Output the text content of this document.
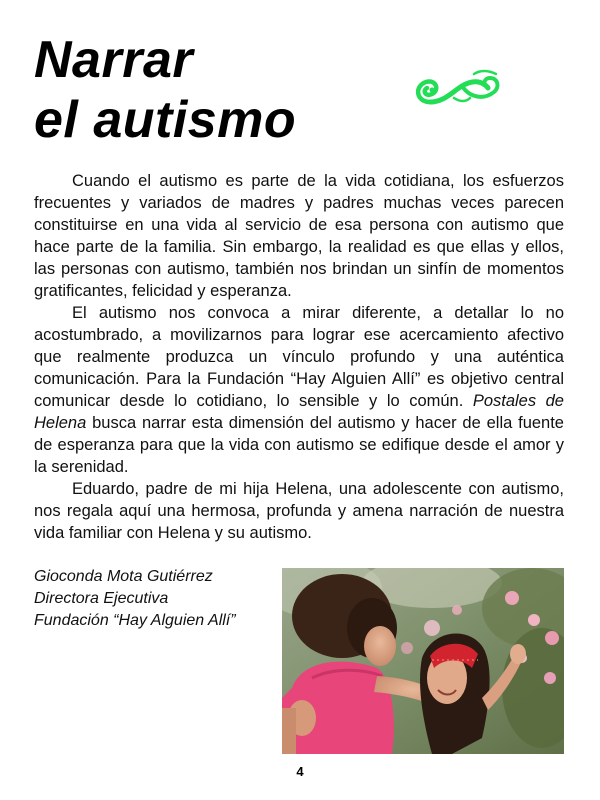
Narrar
el autismo

Cuando el autismo es parte de la vida cotidiana, los esfuerzos frecuentes y variados de madres y padres muchas veces parecen constituirse en una vida al servicio de esa persona con autismo que hace parte de la familia. Sin embargo, la realidad es que ellas y ellos, las personas con autismo, también nos brindan un sinfín de momentos gratificantes, felicidad y esperanza.

El autismo nos convoca a mirar diferente, a detallar lo no acostumbrado, a movilizarnos para lograr ese acercamiento afectivo que realmente produzca un vínculo profundo y una auténtica comunicación. Para la Fundación “Hay Alguien Allí” es objetivo central comunicar desde lo cotidiano, lo sensible y lo común. Postales de Helena busca narrar esta dimensión del autismo y hacer de ella fuente de esperanza para que la vida con autismo se edifique desde el amor y la serenidad.

Eduardo, padre de mi hija Helena, una adolescente con autismo, nos regala aquí una hermosa, profunda y amena narración de nuestra vida familiar con Helena y su autismo.

Gioconda Mota Gutiérrez
Directora Ejecutiva
Fundación “Hay Alguien Allí”
4
